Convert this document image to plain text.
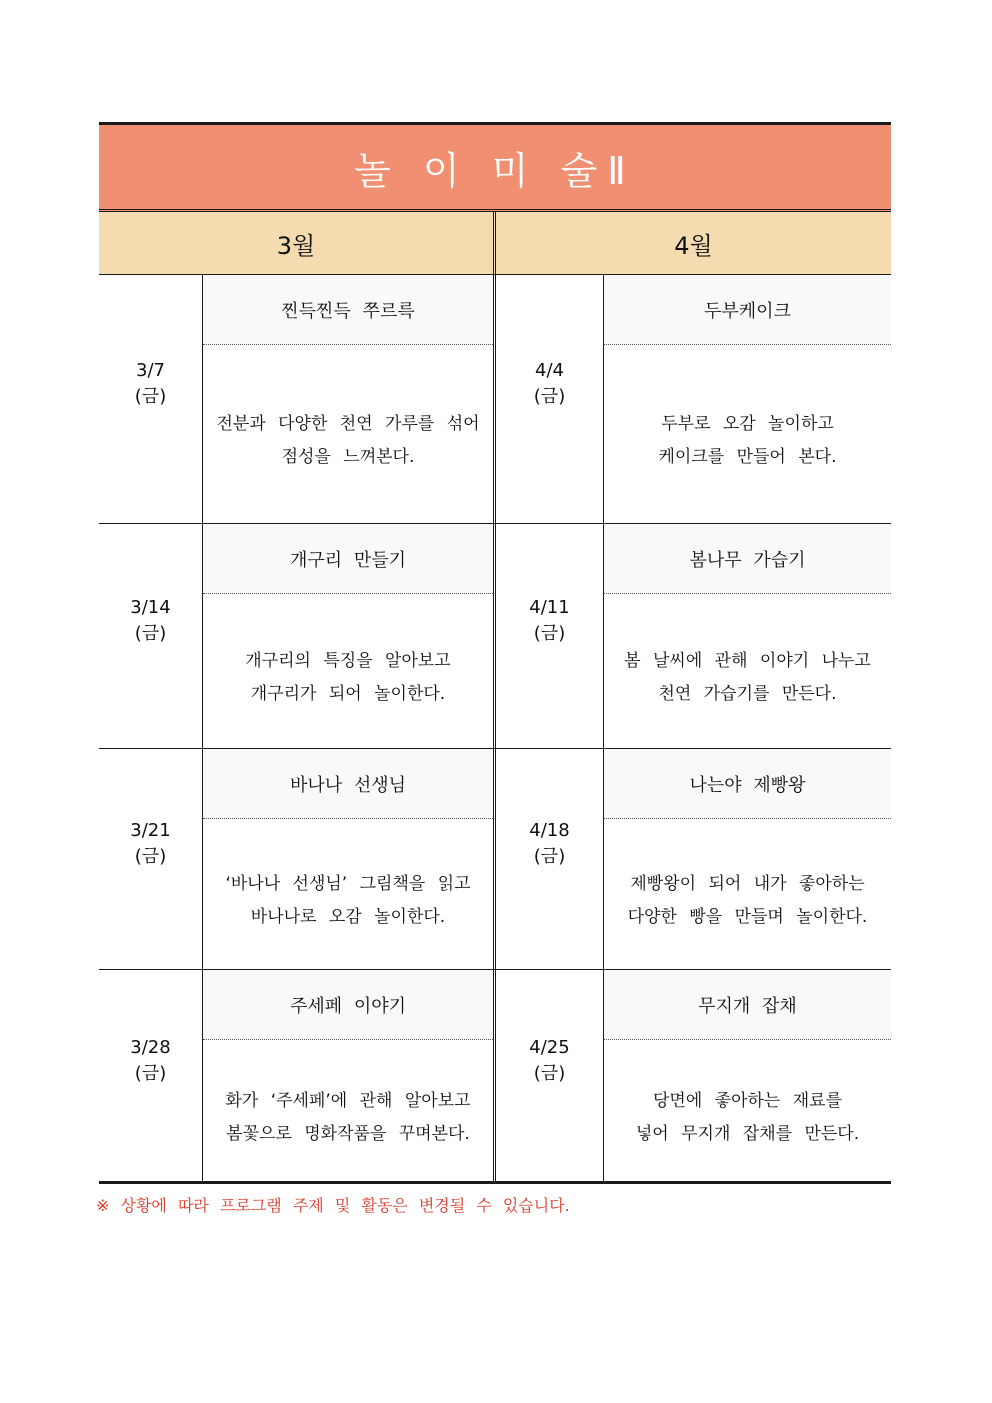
놀 이 미 술Ⅱ
3월	4월
3/7
(금)
찐득찐득 쭈르륵
전분과 다양한 천연 가루를 섞어
점성을 느껴본다.
4/4
(금)
두부케이크
두부로 오감 놀이하고
케이크를 만들어 본다.
3/14
(금)
개구리 만들기
개구리의 특징을 알아보고
개구리가 되어 놀이한다.
4/11
(금)
봄나무 가습기
봄 날씨에 관해 이야기 나누고
천연 가습기를 만든다.
3/21
(금)
바나나 선생님
‘바나나 선생님’ 그림책을 읽고
바나나로 오감 놀이한다.
4/18
(금)
나는야 제빵왕
제빵왕이 되어 내가 좋아하는
다양한 빵을 만들며 놀이한다.
3/28
(금)
주세페 이야기
화가 ‘주세페’에 관해 알아보고
봄꽃으로 명화작품을 꾸며본다.
4/25
(금)
무지개 잡채
당면에 좋아하는 재료를
넣어 무지개 잡채를 만든다.
※ 상황에 따라 프로그램 주제 및 활동은 변경될 수 있습니다.
